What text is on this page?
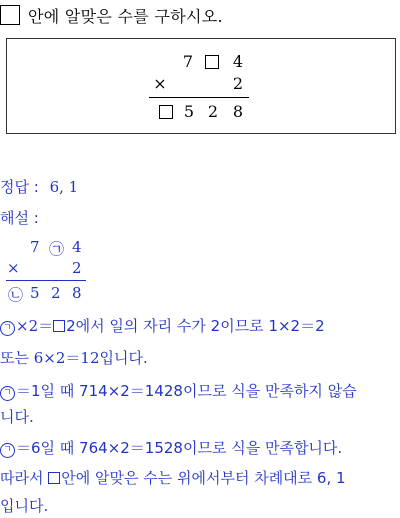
안에 알맞은 수를 구하시오.
7 4
×	2
5 2 8
정답 : 6, 1
해설 :
7 ㉠ 4
×	2
㉡ 5 2 8
ㄱ ×2＝ 2에서 일의 자리 수가 2이므로 1×2＝2
또는 6×2＝12입니다.
ㄱ ＝1일 때 714×2＝1428이므로 식을 만족하지 않습
니다.
ㄱ ＝6일 때 764×2＝1528이므로 식을 만족합니다.
따라서 안에 알맞은 수는 위에서부터 차례대로 6, 1
입니다.
